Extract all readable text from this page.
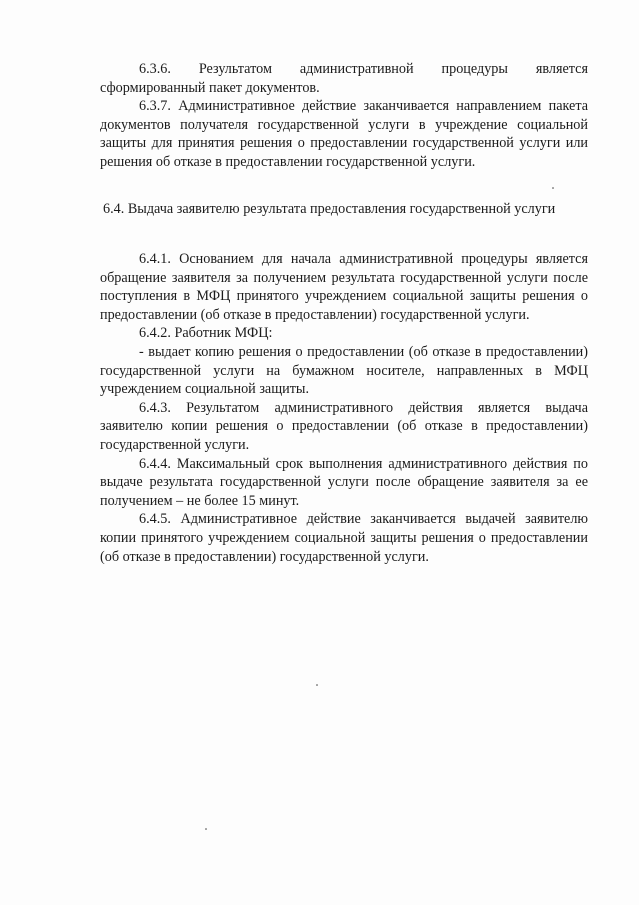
6.3.6. Результатом административной процедуры является сформированный пакет документов.

6.3.7. Административное действие заканчивается направлением пакета документов получателя государственной услуги в учреждение социальной защиты для принятия решения о предоставлении государственной услуги или решения об отказе в предоставлении государственной услуги.

6.4. Выдача заявителю результата предоставления государственной услуги

6.4.1. Основанием для начала административной процедуры является обращение заявителя за получением результата государственной услуги после поступления в МФЦ принятого учреждением социальной защиты решения о предоставлении (об отказе в предоставлении) государственной услуги.

6.4.2. Работник МФЦ:

- выдает копию решения о предоставлении (об отказе в предоставлении) государственной услуги на бумажном носителе, направленных в МФЦ учреждением социальной защиты.

6.4.3. Результатом административного действия является выдача заявителю копии решения о предоставлении (об отказе в предоставлении) государственной услуги.

6.4.4. Максимальный срок выполнения административного действия по выдаче результата государственной услуги после обращение заявителя за ее получением – не более 15 минут.

6.4.5. Административное действие заканчивается выдачей заявителю копии принятого учреждением социальной защиты решения о предоставлении (об отказе в предоставлении) государственной услуги.
